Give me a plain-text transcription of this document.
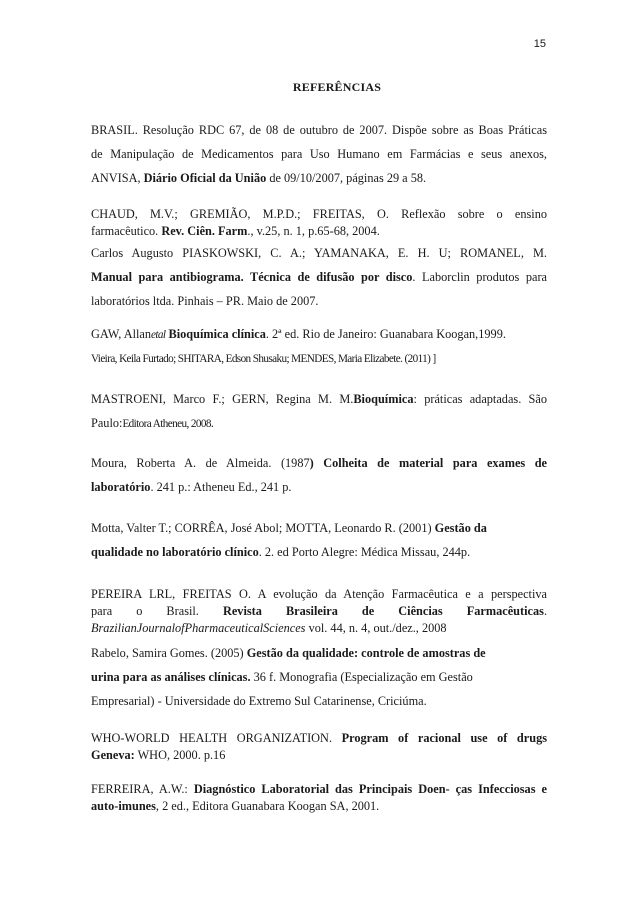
15
REFERÊNCIAS
BRASIL. Resolução RDC 67, de 08 de outubro de 2007. Dispõe sobre as Boas Práticas
de Manipulação de Medicamentos para Uso Humano em Farmácias e seus anexos,
ANVISA, Diário Oficial da União de 09/10/2007, páginas 29 a 58.
CHAUD, M.V.; GREMIÃO, M.P.D.; FREITAS, O. Reflexão sobre o ensino
farmacêutico. Rev. Ciên. Farm., v.25, n. 1, p.65-68, 2004.
Carlos Augusto PIASKOWSKI, C. A.; YAMANAKA, E. H. U; ROMANEL, M.
Manual para antibiograma. Técnica de difusão por disco. Laborclin produtos para
laboratórios ltda. Pinhais – PR. Maio de 2007.
GAW, Allanetal Bioquímica clínica. 2ª ed. Rio de Janeiro: Guanabara Koogan,1999.
Vieira, Keila Furtado; SHITARA, Edson Shusaku; MENDES, Maria Elizabete. (2011) ]
MASTROENI, Marco F.; GERN, Regina M. M.Bioquímica: práticas adaptadas. São
Paulo:Editora Atheneu, 2008.
Moura, Roberta A. de Almeida. (1987) Colheita de material para exames de
laboratório. 241 p.: Atheneu Ed., 241 p.
Motta, Valter T.; CORRÊA, José Abol; MOTTA, Leonardo R. (2001) Gestão da
qualidade no laboratório clínico. 2. ed Porto Alegre: Médica Missau, 244p.
PEREIRA LRL, FREITAS O. A evolução da Atenção Farmacêutica e a perspectiva
para o Brasil. Revista Brasileira de Ciências Farmacêuticas.
BrazilianJournalofPharmaceuticalSciences vol. 44, n. 4, out./dez., 2008
Rabelo, Samira Gomes. (2005) Gestão da qualidade: controle de amostras de
urina para as análises clínicas. 36 f. Monografia (Especialização em Gestão
Empresarial) - Universidade do Extremo Sul Catarinense, Criciúma.
WHO-WORLD HEALTH ORGANIZATION. Program of racional use of drugs
Geneva: WHO, 2000. p.16
FERREIRA, A.W.: Diagnóstico Laboratorial das Principais Doen- ças Infecciosas e
auto-imunes, 2 ed., Editora Guanabara Koogan SA, 2001.
